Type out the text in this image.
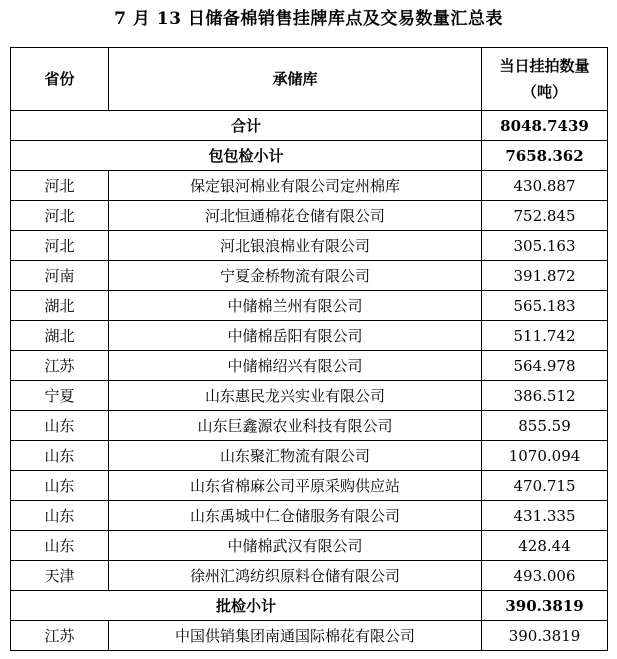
7 月 13 日储备棉销售挂牌库点及交易数量汇总表
省份	承储库	当日挂拍数量
（吨）

合计		8048.7439
包包检小计		7658.362
河北	保定银河棉业有限公司定州棉库	430.887
河北	河北恒通棉花仓储有限公司	752.845
河北	河北银浪棉业有限公司	305.163
河南	宁夏金桥物流有限公司	391.872
湖北	中储棉兰州有限公司	565.183
湖北	中储棉岳阳有限公司	511.742
江苏	中储棉绍兴有限公司	564.978
宁夏	山东惠民龙兴实业有限公司	386.512
山东	山东巨鑫源农业科技有限公司	855.59
山东	山东聚汇物流有限公司	1070.094
山东	山东省棉麻公司平原采购供应站	470.715
山东	山东禹城中仁仓储服务有限公司	431.335
山东	中储棉武汉有限公司	428.44
天津	徐州汇鸿纺织原料仓储有限公司	493.006
批检小计		390.3819
江苏	中国供销集团南通国际棉花有限公司	390.3819
